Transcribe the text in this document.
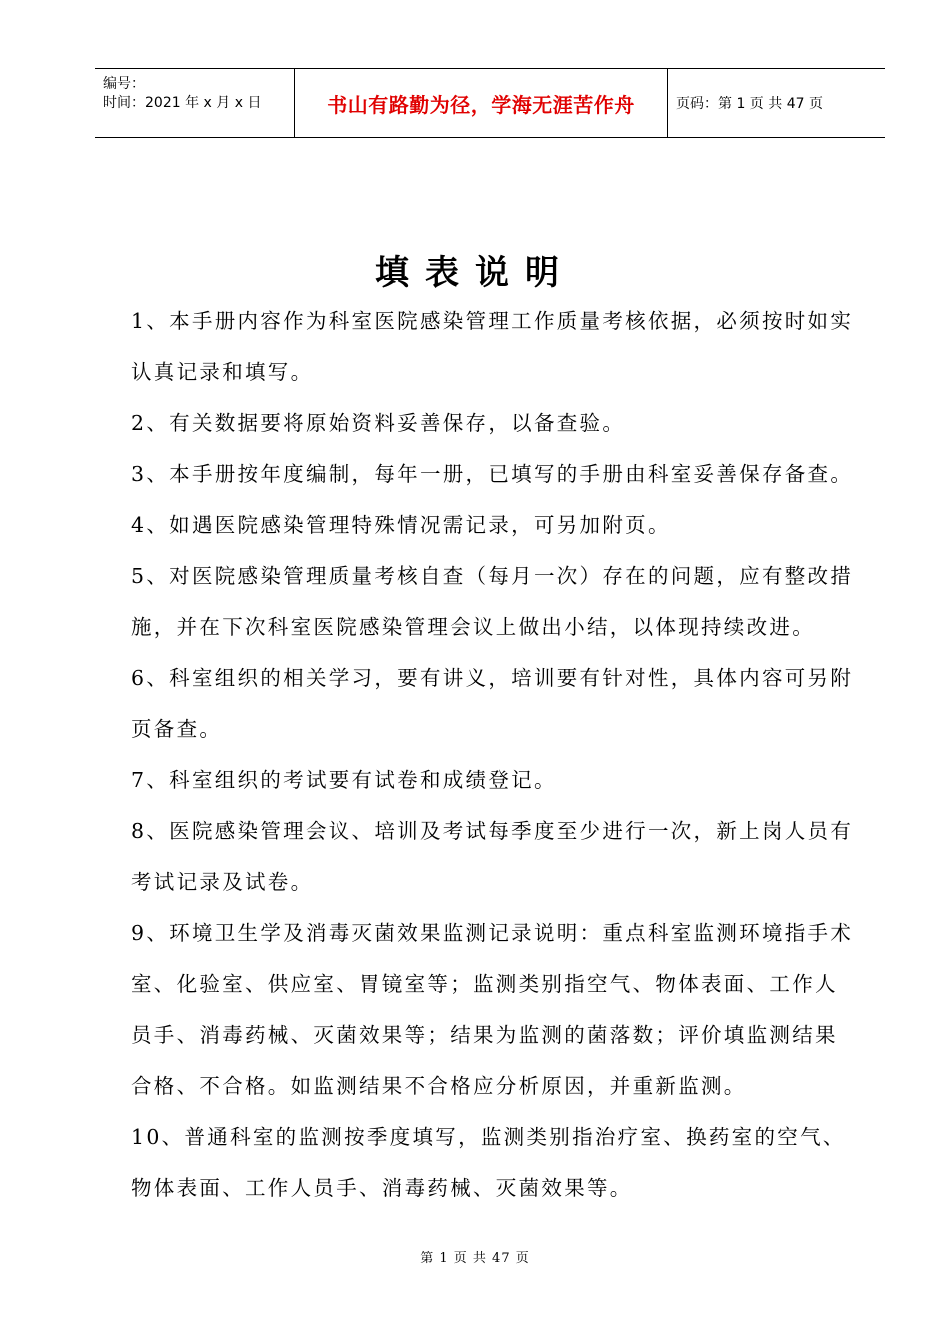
编号：
时间：2021 年 x 月 x 日	书山有路勤为径，学海无涯苦作舟	页码：第 1 页 共 47 页
填表说明
1、本手册内容作为科室医院感染管理工作质量考核依据，必须按时如实
认真记录和填写。
2、有关数据要将原始资料妥善保存，以备查验。
3、本手册按年度编制，每年一册，已填写的手册由科室妥善保存备查。
4、如遇医院感染管理特殊情况需记录，可另加附页。
5、对医院感染管理质量考核自查（每月一次）存在的问题，应有整改措
施，并在下次科室医院感染管理会议上做出小结，以体现持续改进。
6、科室组织的相关学习，要有讲义，培训要有针对性，具体内容可另附
页备查。
7、科室组织的考试要有试卷和成绩登记。
8、医院感染管理会议、培训及考试每季度至少进行一次，新上岗人员有
考试记录及试卷。
9、环境卫生学及消毒灭菌效果监测记录说明：重点科室监测环境指手术
室、化验室、供应室、胃镜室等；监测类别指空气、物体表面、工作人
员手、消毒药械、灭菌效果等；结果为监测的菌落数；评价填监测结果
合格、不合格。如监测结果不合格应分析原因，并重新监测。
10、普通科室的监测按季度填写，监测类别指治疗室、换药室的空气、
物体表面、工作人员手、消毒药械、灭菌效果等。
第 1 页 共 47 页
